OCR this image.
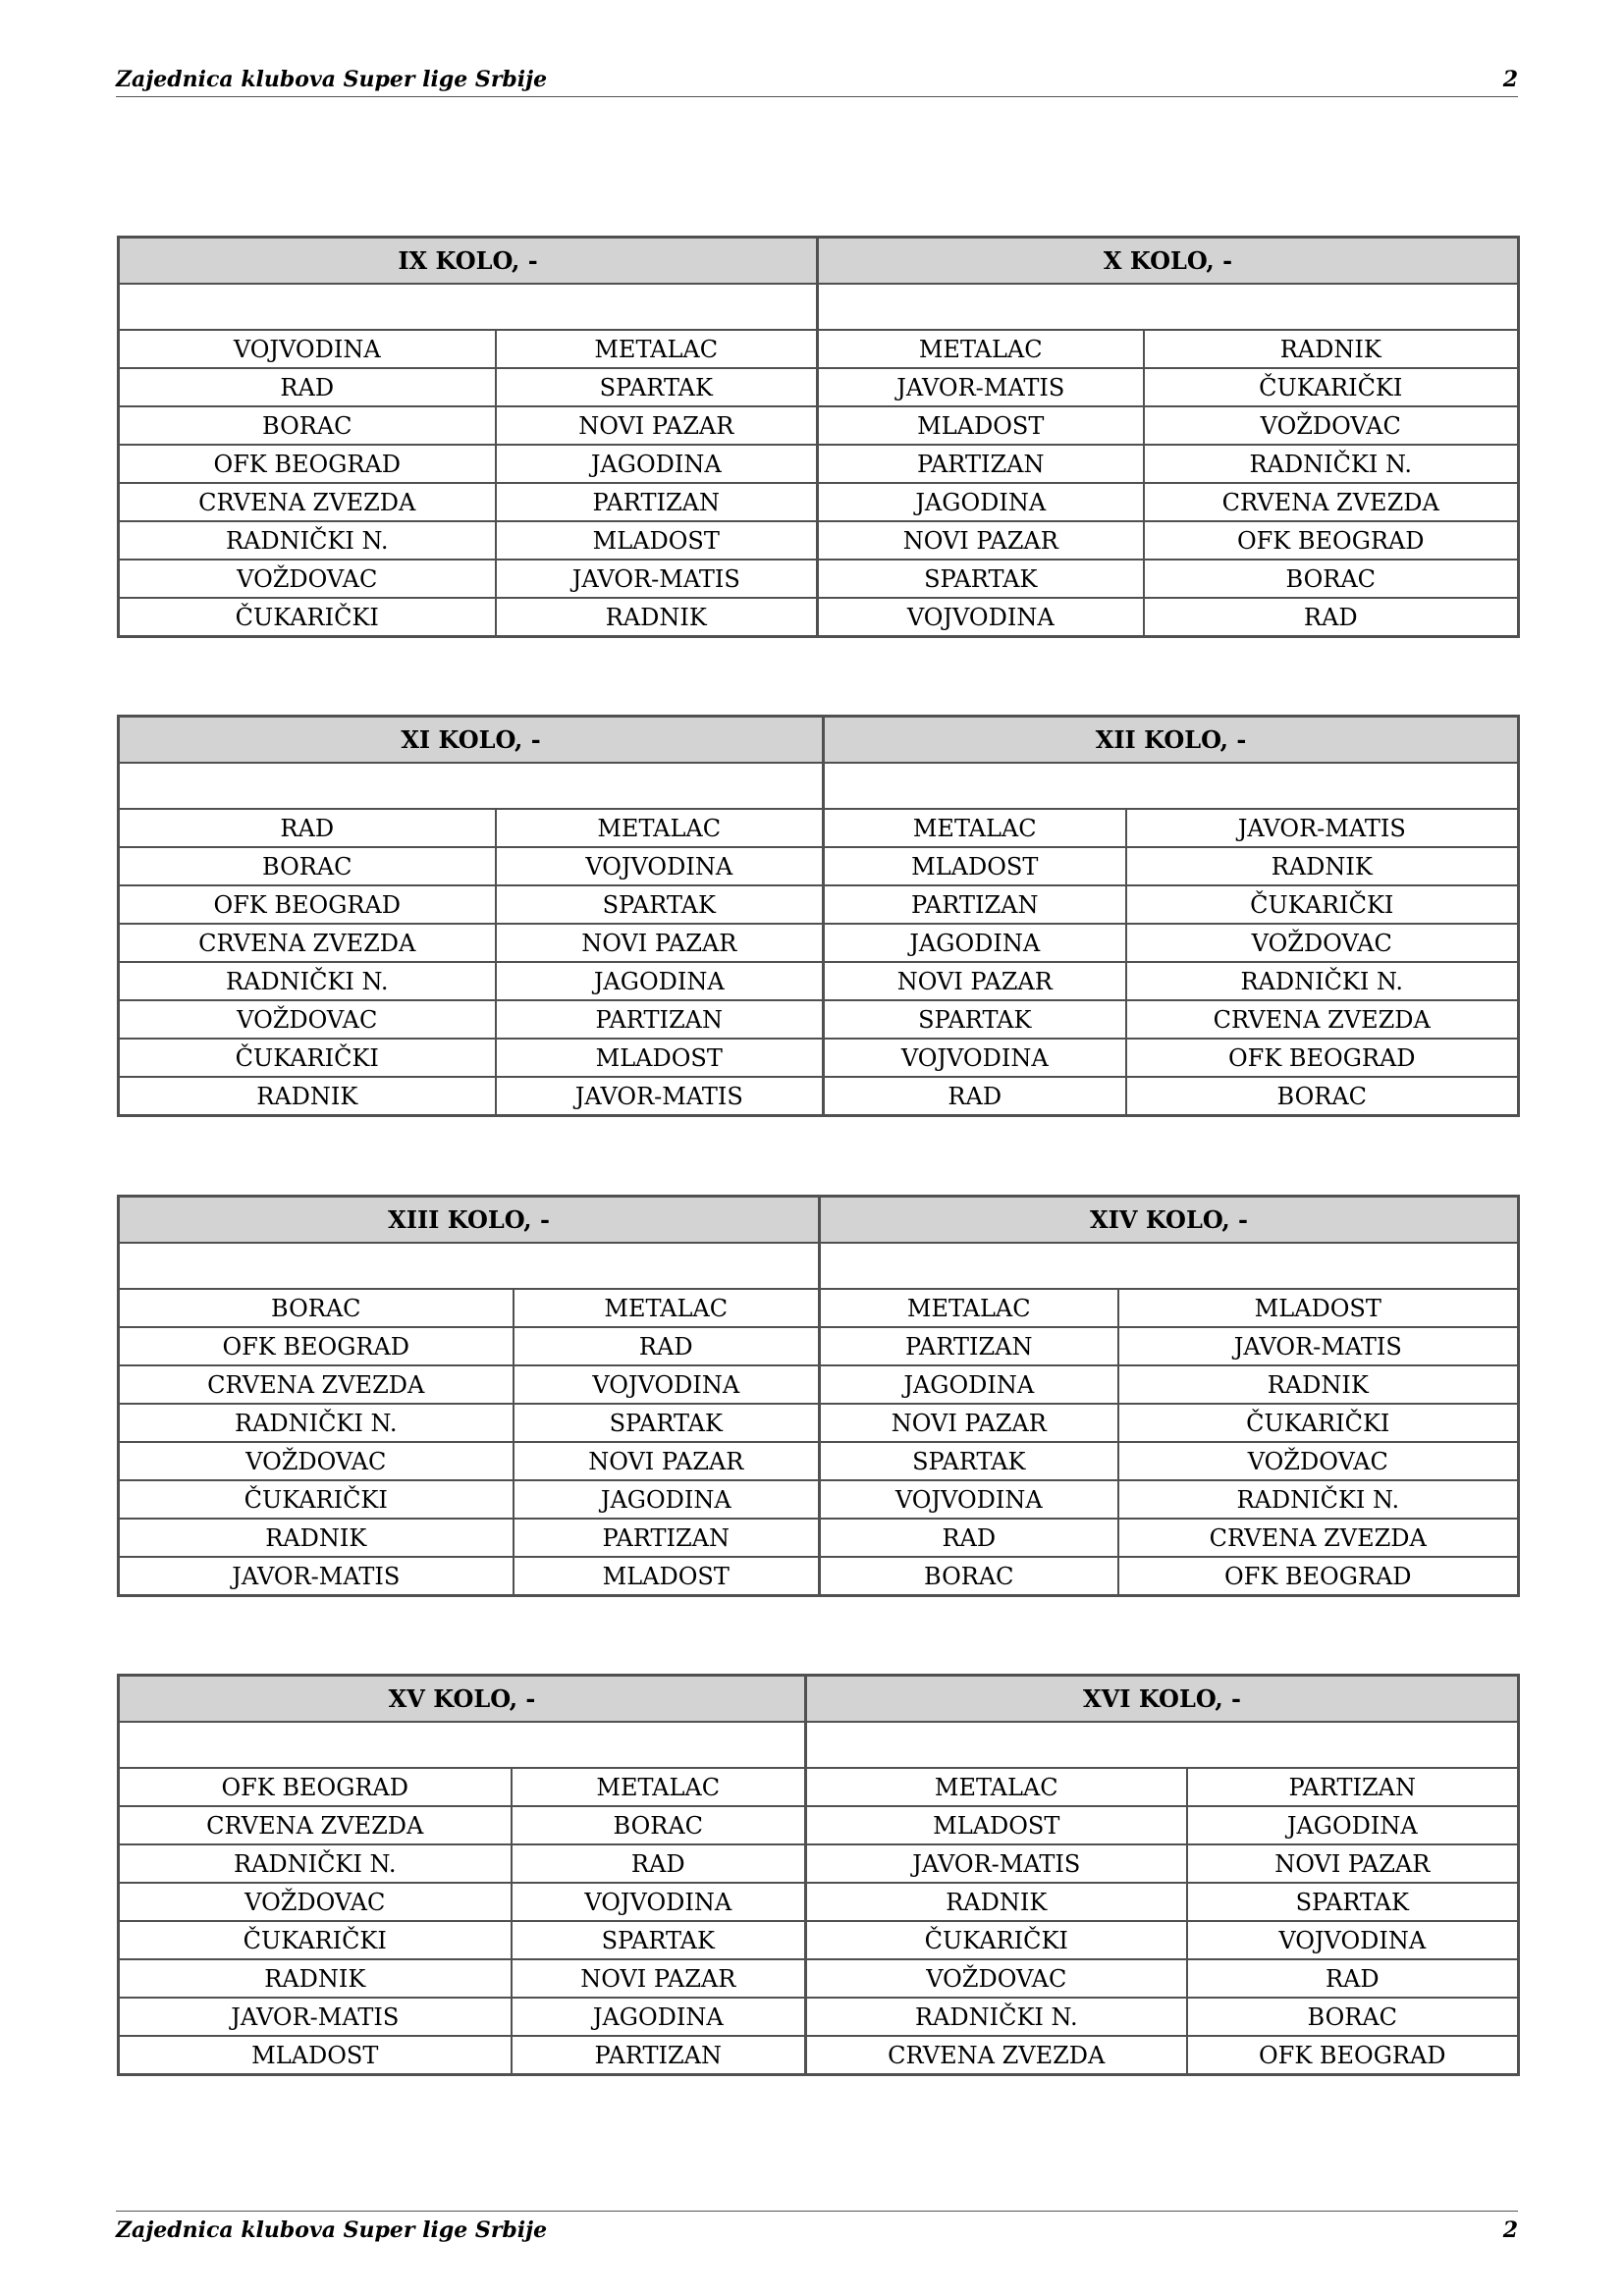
Zajednica klubova Super lige Srbije	2
IX KOLO, -		X KOLO, -	

VOJVODINA	METALAC	METALAC	RADNIK
RAD	SPARTAK	JAVOR-MATIS	ČUKARIČKI
BORAC	NOVI PAZAR	MLADOST	VOŽDOVAC
OFK BEOGRAD	JAGODINA	PARTIZAN	RADNIČKI N.
CRVENA ZVEZDA	PARTIZAN	JAGODINA	CRVENA ZVEZDA
RADNIČKI N.	MLADOST	NOVI PAZAR	OFK BEOGRAD
VOŽDOVAC	JAVOR-MATIS	SPARTAK	BORAC
ČUKARIČKI	RADNIK	VOJVODINA	RAD
XI KOLO, -		XII KOLO, -	

RAD	METALAC	METALAC	JAVOR-MATIS
BORAC	VOJVODINA	MLADOST	RADNIK
OFK BEOGRAD	SPARTAK	PARTIZAN	ČUKARIČKI
CRVENA ZVEZDA	NOVI PAZAR	JAGODINA	VOŽDOVAC
RADNIČKI N.	JAGODINA	NOVI PAZAR	RADNIČKI N.
VOŽDOVAC	PARTIZAN	SPARTAK	CRVENA ZVEZDA
ČUKARIČKI	MLADOST	VOJVODINA	OFK BEOGRAD
RADNIK	JAVOR-MATIS	RAD	BORAC
XIII KOLO, -		XIV KOLO, -	

BORAC	METALAC	METALAC	MLADOST
OFK BEOGRAD	RAD	PARTIZAN	JAVOR-MATIS
CRVENA ZVEZDA	VOJVODINA	JAGODINA	RADNIK
RADNIČKI N.	SPARTAK	NOVI PAZAR	ČUKARIČKI
VOŽDOVAC	NOVI PAZAR	SPARTAK	VOŽDOVAC
ČUKARIČKI	JAGODINA	VOJVODINA	RADNIČKI N.
RADNIK	PARTIZAN	RAD	CRVENA ZVEZDA
JAVOR-MATIS	MLADOST	BORAC	OFK BEOGRAD
XV KOLO, -		XVI KOLO, -	

OFK BEOGRAD	METALAC	METALAC	PARTIZAN
CRVENA ZVEZDA	BORAC	MLADOST	JAGODINA
RADNIČKI N.	RAD	JAVOR-MATIS	NOVI PAZAR
VOŽDOVAC	VOJVODINA	RADNIK	SPARTAK
ČUKARIČKI	SPARTAK	ČUKARIČKI	VOJVODINA
RADNIK	NOVI PAZAR	VOŽDOVAC	RAD
JAVOR-MATIS	JAGODINA	RADNIČKI N.	BORAC
MLADOST	PARTIZAN	CRVENA ZVEZDA	OFK BEOGRAD
Zajednica klubova Super lige Srbije	2
